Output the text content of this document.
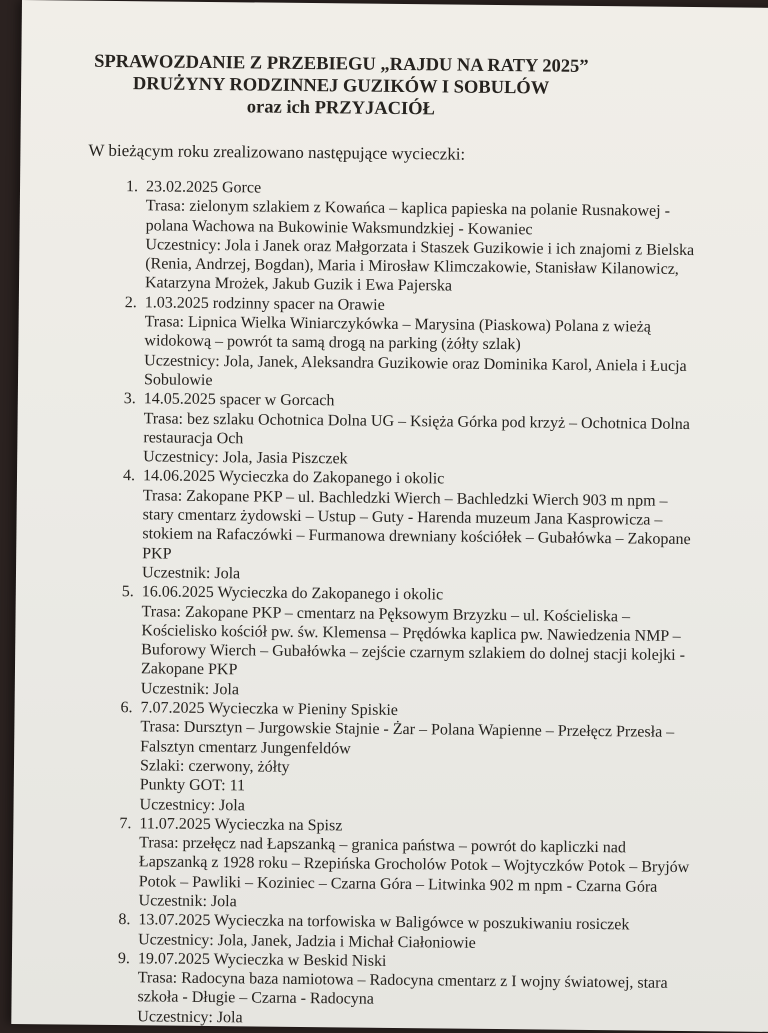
SPRAWOZDANIE Z PRZEBIEGU „RAJDU NA RATY 2025”
DRUŻYNY RODZINNEJ GUZIKÓW I SOBULÓW
oraz ich PRZYJACIÓŁ
W bieżącym roku zrealizowano następujące wycieczki:
1. 23.02.2025 Gorce
Trasa: zielonym szlakiem z Kowańca – kaplica papieska na polanie Rusnakowej -
polana Wachowa na Bukowinie Waksmundzkiej - Kowaniec
Uczestnicy: Jola i Janek oraz Małgorzata i Staszek Guzikowie i ich znajomi z Bielska
(Renia, Andrzej, Bogdan), Maria i Mirosław Klimczakowie, Stanisław Kilanowicz,
Katarzyna Mrożek, Jakub Guzik i Ewa Pajerska
2. 1.03.2025 rodzinny spacer na Orawie
Trasa: Lipnica Wielka Winiarczykówka – Marysina (Piaskowa) Polana z wieżą
widokową – powrót ta samą drogą na parking (żółty szlak)
Uczestnicy: Jola, Janek, Aleksandra Guzikowie oraz Dominika Karol, Aniela i Łucja
Sobulowie
3. 14.05.2025 spacer w Gorcach
Trasa: bez szlaku Ochotnica Dolna UG – Księża Górka pod krzyż – Ochotnica Dolna
restauracja Och
Uczestnicy: Jola, Jasia Piszczek
4. 14.06.2025 Wycieczka do Zakopanego i okolic
Trasa: Zakopane PKP – ul. Bachledzki Wierch – Bachledzki Wierch 903 m npm –
stary cmentarz żydowski – Ustup – Guty - Harenda muzeum Jana Kasprowicza –
stokiem na Rafaczówki – Furmanowa drewniany kościółek – Gubałówka – Zakopane
PKP
Uczestnik: Jola
5. 16.06.2025 Wycieczka do Zakopanego i okolic
Trasa: Zakopane PKP – cmentarz na Pęksowym Brzyzku – ul. Kościeliska –
Kościelisko kościół pw. św. Klemensa – Prędówka kaplica pw. Nawiedzenia NMP –
Buforowy Wierch – Gubałówka – zejście czarnym szlakiem do dolnej stacji kolejki -
Zakopane PKP
Uczestnik: Jola
6. 7.07.2025 Wycieczka w Pieniny Spiskie
Trasa: Dursztyn – Jurgowskie Stajnie - Żar – Polana Wapienne – Przełęcz Przesła –
Falsztyn cmentarz Jungenfeldów
Szlaki: czerwony, żółty
Punkty GOT: 11
Uczestnicy: Jola
7. 11.07.2025 Wycieczka na Spisz
Trasa: przełęcz nad Łapszanką – granica państwa – powrót do kapliczki nad
Łapszanką z 1928 roku – Rzepińska Grocholów Potok – Wojtyczków Potok – Bryjów
Potok – Pawliki – Koziniec – Czarna Góra – Litwinka 902 m npm - Czarna Góra
Uczestnik: Jola
8. 13.07.2025 Wycieczka na torfowiska w Baligówce w poszukiwaniu rosiczek
Uczestnicy: Jola, Janek, Jadzia i Michał Ciałoniowie
9. 19.07.2025 Wycieczka w Beskid Niski
Trasa: Radocyna baza namiotowa – Radocyna cmentarz z I wojny światowej, stara
szkoła - Długie – Czarna - Radocyna
Uczestnicy: Jola
